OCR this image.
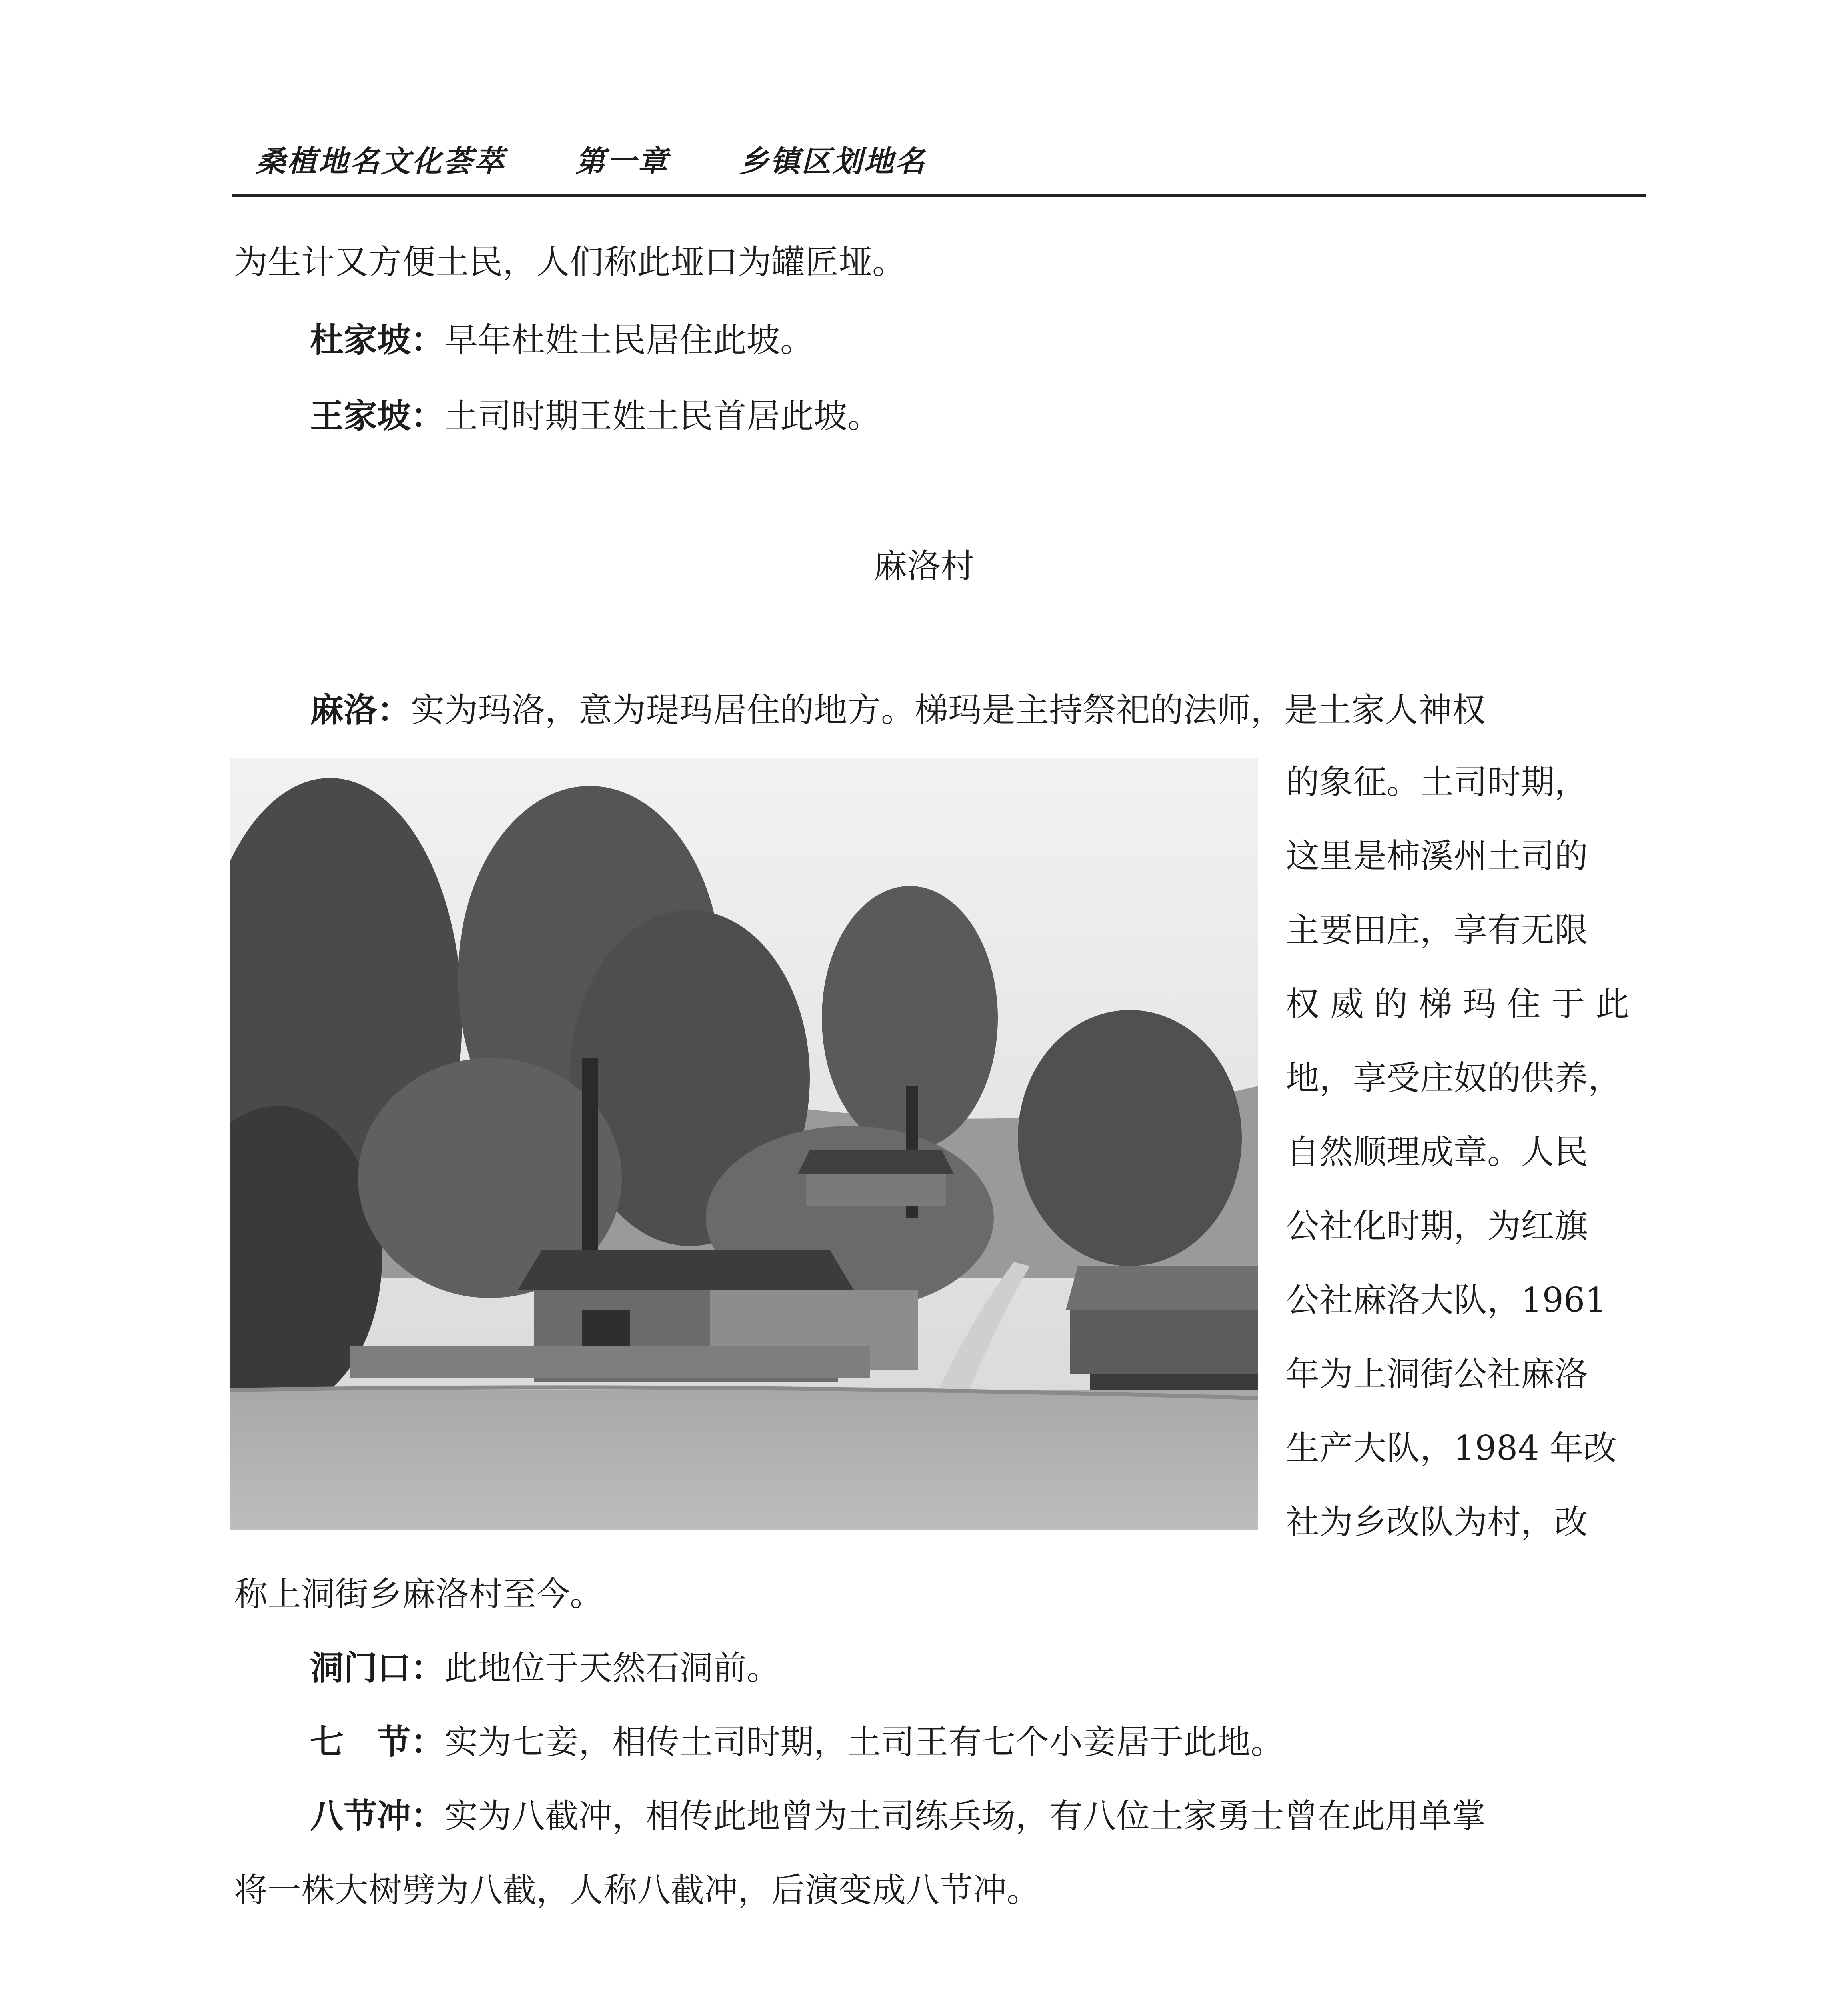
桑植地名文化荟萃 第一章 乡镇区划地名
为生计又方便土民，人们称此垭口为罐匠垭。
杜家坡：早年杜姓土民居住此坡。
王家坡：土司时期王姓土民首居此坡。
麻洛村
麻洛：实为玛洛，意为瑅玛居住的地方。梯玛是主持祭祀的法师，是土家人神权
的象征。土司时期，
这里是柿溪州土司的
主要田庄，享有无限
权 威 的 梯 玛 住 于 此
地，享受庄奴的供养，
自然顺理成章。人民
公社化时期，为红旗
公社麻洛大队，1961
年为上洞街公社麻洛
生产大队，1984 年改
社为乡改队为村，改
称上洞街乡麻洛村至今。
洞门口：此地位于天然石洞前。
七　节：实为七妾，相传土司时期，土司王有七个小妾居于此地。
八节冲：实为八截冲，相传此地曾为土司练兵场，有八位土家勇士曾在此用单掌
将一株大树劈为八截，人称八截冲，后演变成八节冲。
